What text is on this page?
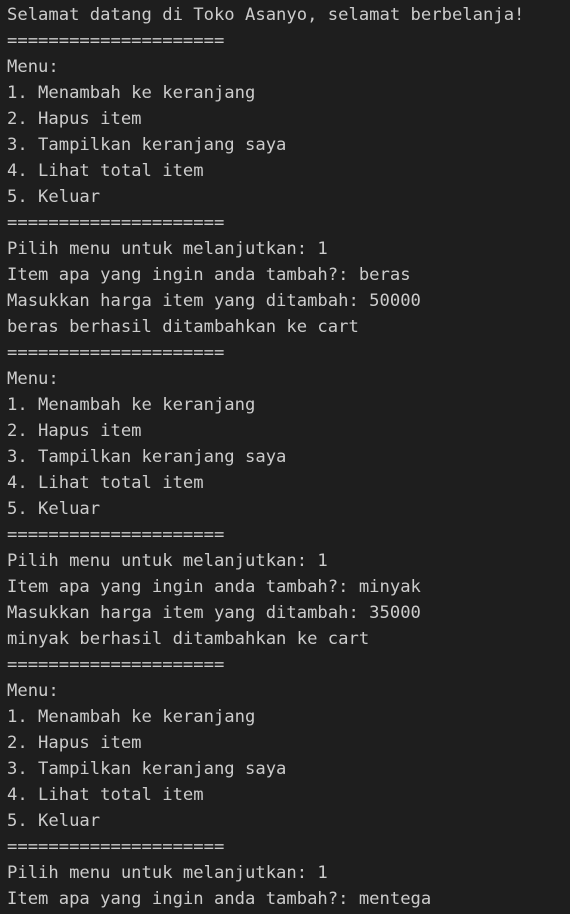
Selamat datang di Toko Asanyo, selamat berbelanja!
=====================
Menu:
1. Menambah ke keranjang
2. Hapus item
3. Tampilkan keranjang saya
4. Lihat total item
5. Keluar
=====================
Pilih menu untuk melanjutkan: 1
Item apa yang ingin anda tambah?: beras
Masukkan harga item yang ditambah: 50000
beras berhasil ditambahkan ke cart
=====================
Menu:
1. Menambah ke keranjang
2. Hapus item
3. Tampilkan keranjang saya
4. Lihat total item
5. Keluar
=====================
Pilih menu untuk melanjutkan: 1
Item apa yang ingin anda tambah?: minyak
Masukkan harga item yang ditambah: 35000
minyak berhasil ditambahkan ke cart
=====================
Menu:
1. Menambah ke keranjang
2. Hapus item
3. Tampilkan keranjang saya
4. Lihat total item
5. Keluar
=====================
Pilih menu untuk melanjutkan: 1
Item apa yang ingin anda tambah?: mentega
